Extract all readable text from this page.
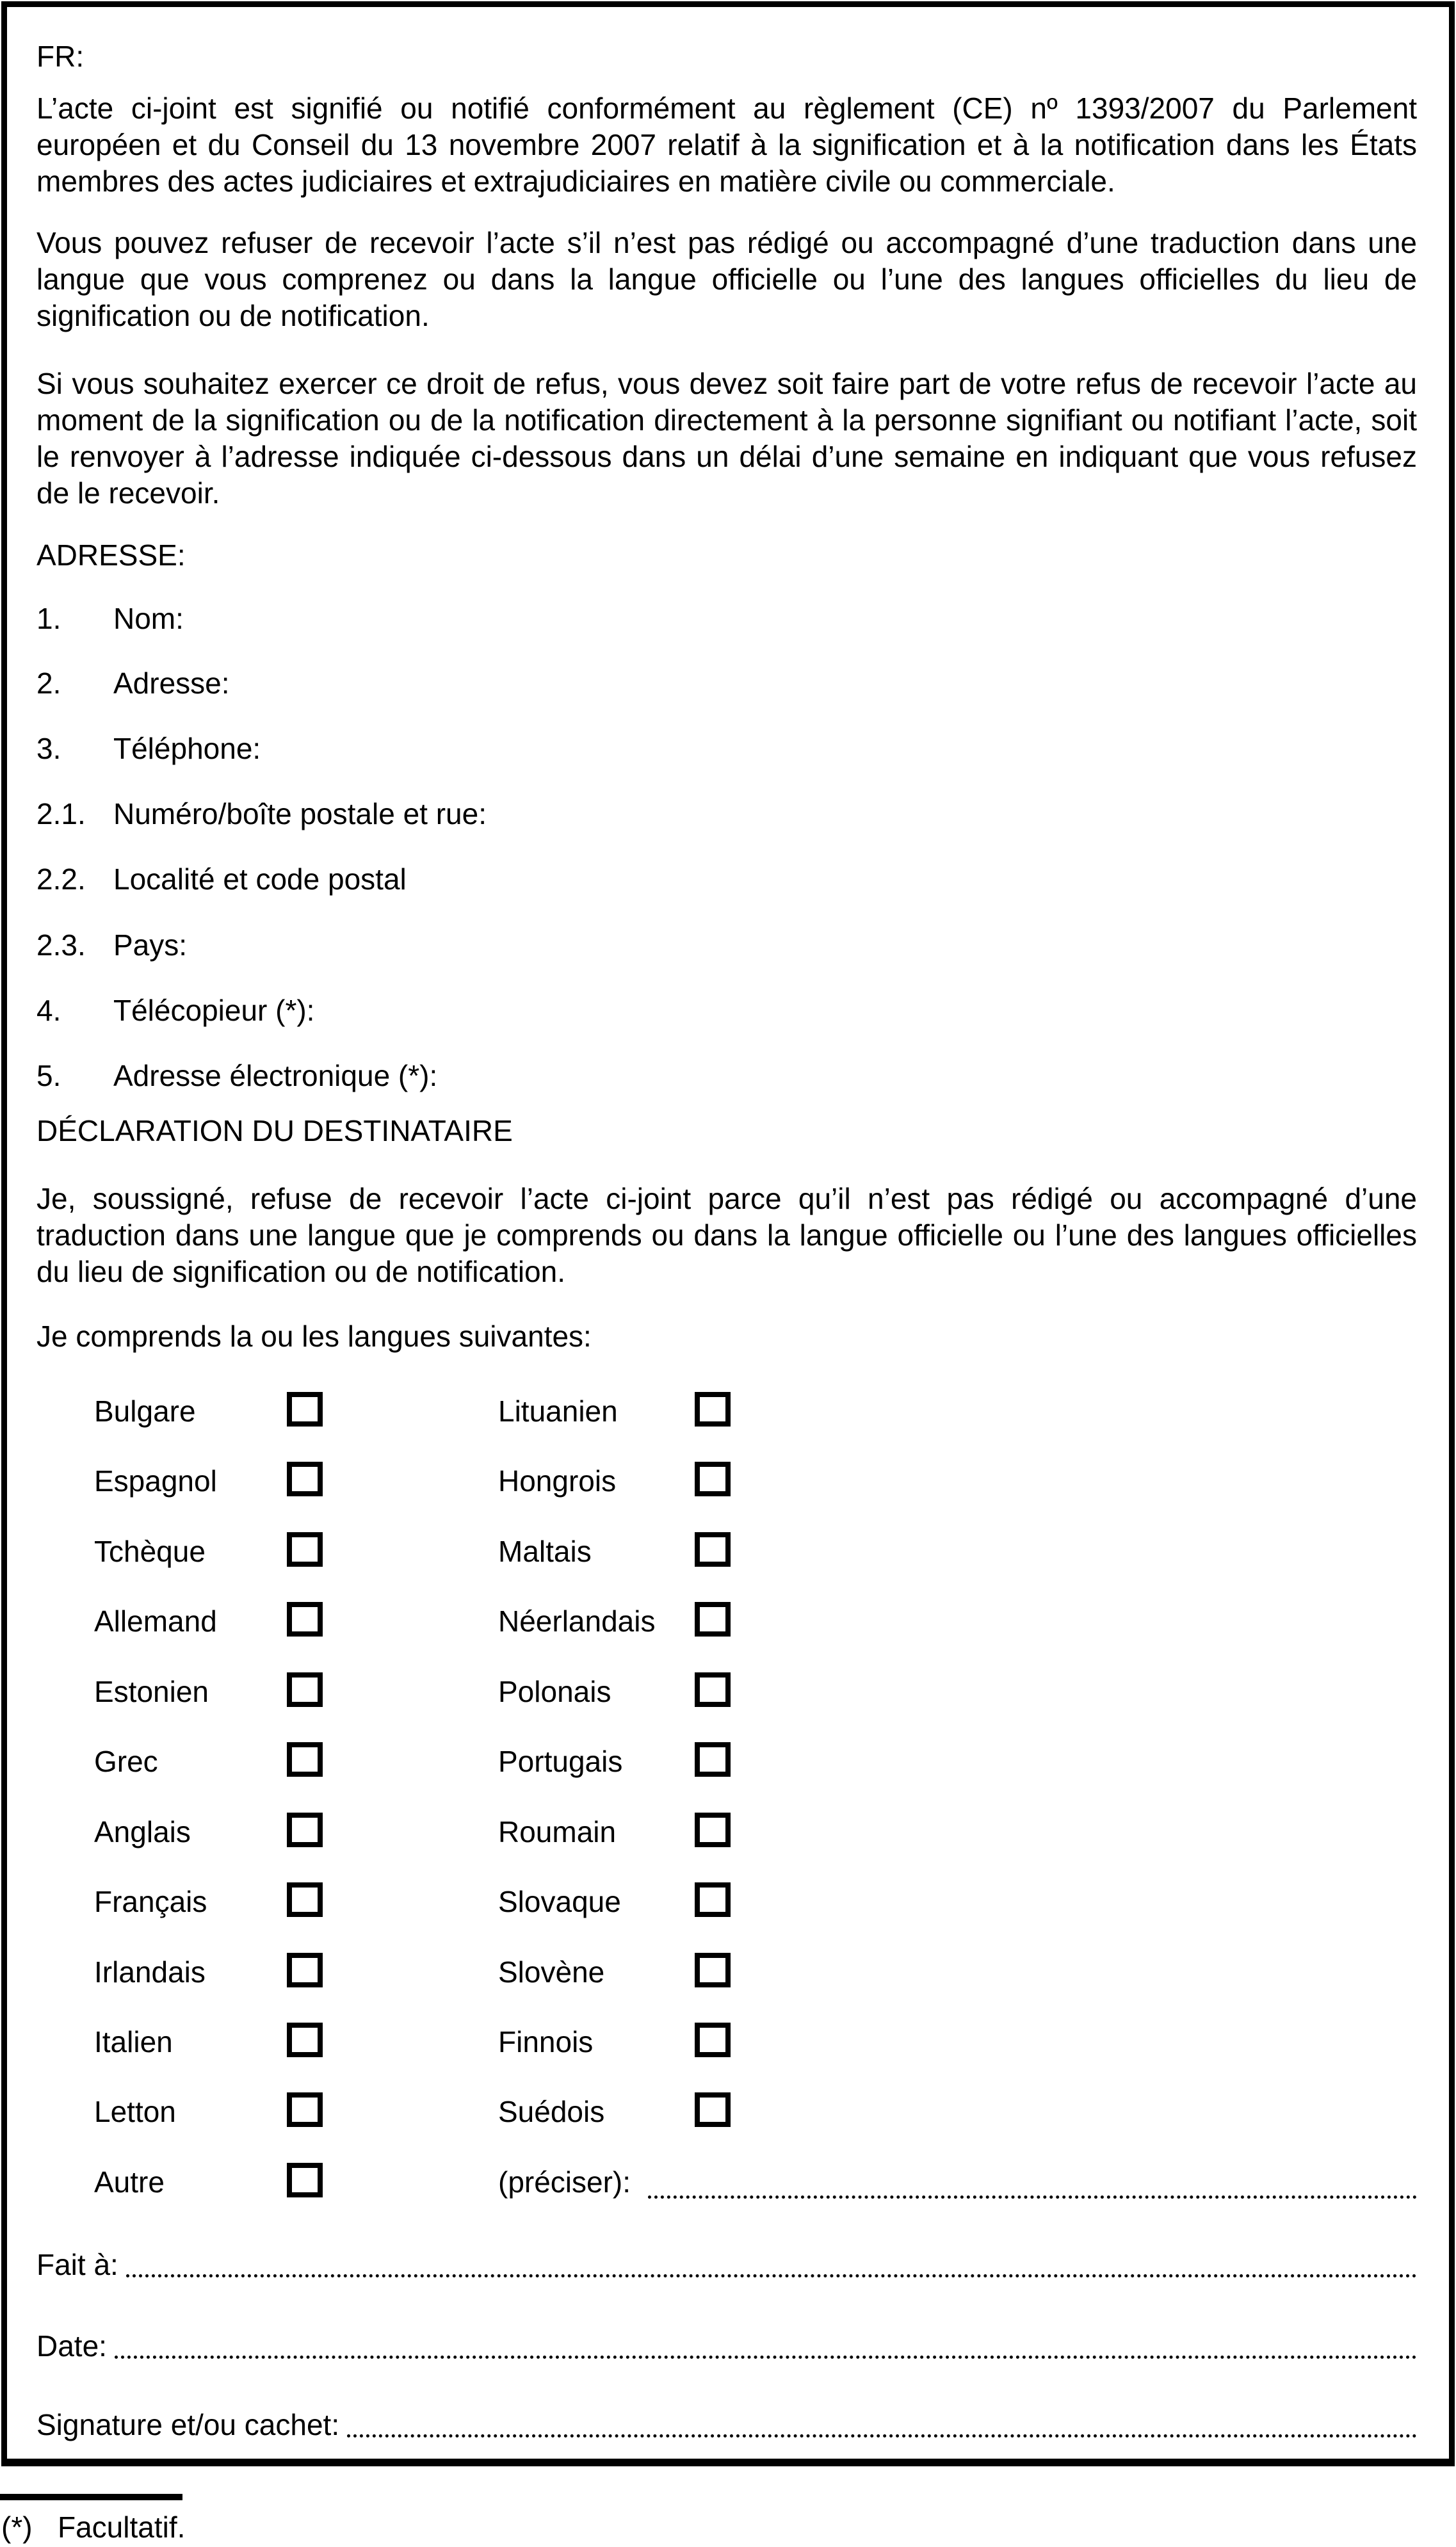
FR:
L’acte ci-joint est signifié ou notifié conformément au règlement (CE) nº 1393/2007 du Parlement européen et du Conseil du 13 novembre 2007 relatif à la signification et à la notification dans les États membres des actes judiciaires et extrajudiciaires en matière civile ou commerciale.
Vous pouvez refuser de recevoir l’acte s’il n’est pas rédigé ou accompagné d’une traduction dans une langue que vous comprenez ou dans la langue officielle ou l’une des langues officielles du lieu de signification ou de notification.
Si vous souhaitez exercer ce droit de refus, vous devez soit faire part de votre refus de recevoir l’acte au moment de la signification ou de la notification directement à la personne signifiant ou notifiant l’acte, soit le renvoyer à l’adresse indiquée ci-dessous dans un délai d’une semaine en indiquant que vous refusez de le recevoir.
ADRESSE:
1. Nom:
2. Adresse:
3. Téléphone:
2.1. Numéro/boîte postale et rue:
2.2. Localité et code postal
2.3. Pays:
4. Télécopieur (*):
5. Adresse électronique (*):
DÉCLARATION DU DESTINATAIRE
Je, soussigné, refuse de recevoir l’acte ci-joint parce qu’il n’est pas rédigé ou accompagné d’une traduction dans une langue que je comprends ou dans la langue officielle ou l’une des langues officielles du lieu de signification ou de notification.
Je comprends la ou les langues suivantes:
Bulgare	Lituanien
Espagnol	Hongrois
Tchèque	Maltais
Allemand	Néerlandais
Estonien	Polonais
Grec	Portugais
Anglais	Roumain
Français	Slovaque
Irlandais	Slovène
Italien	Finnois
Letton	Suédois
Autre	(préciser):
Fait à:
Date:
Signature et/ou cachet:
(*) Facultatif.
